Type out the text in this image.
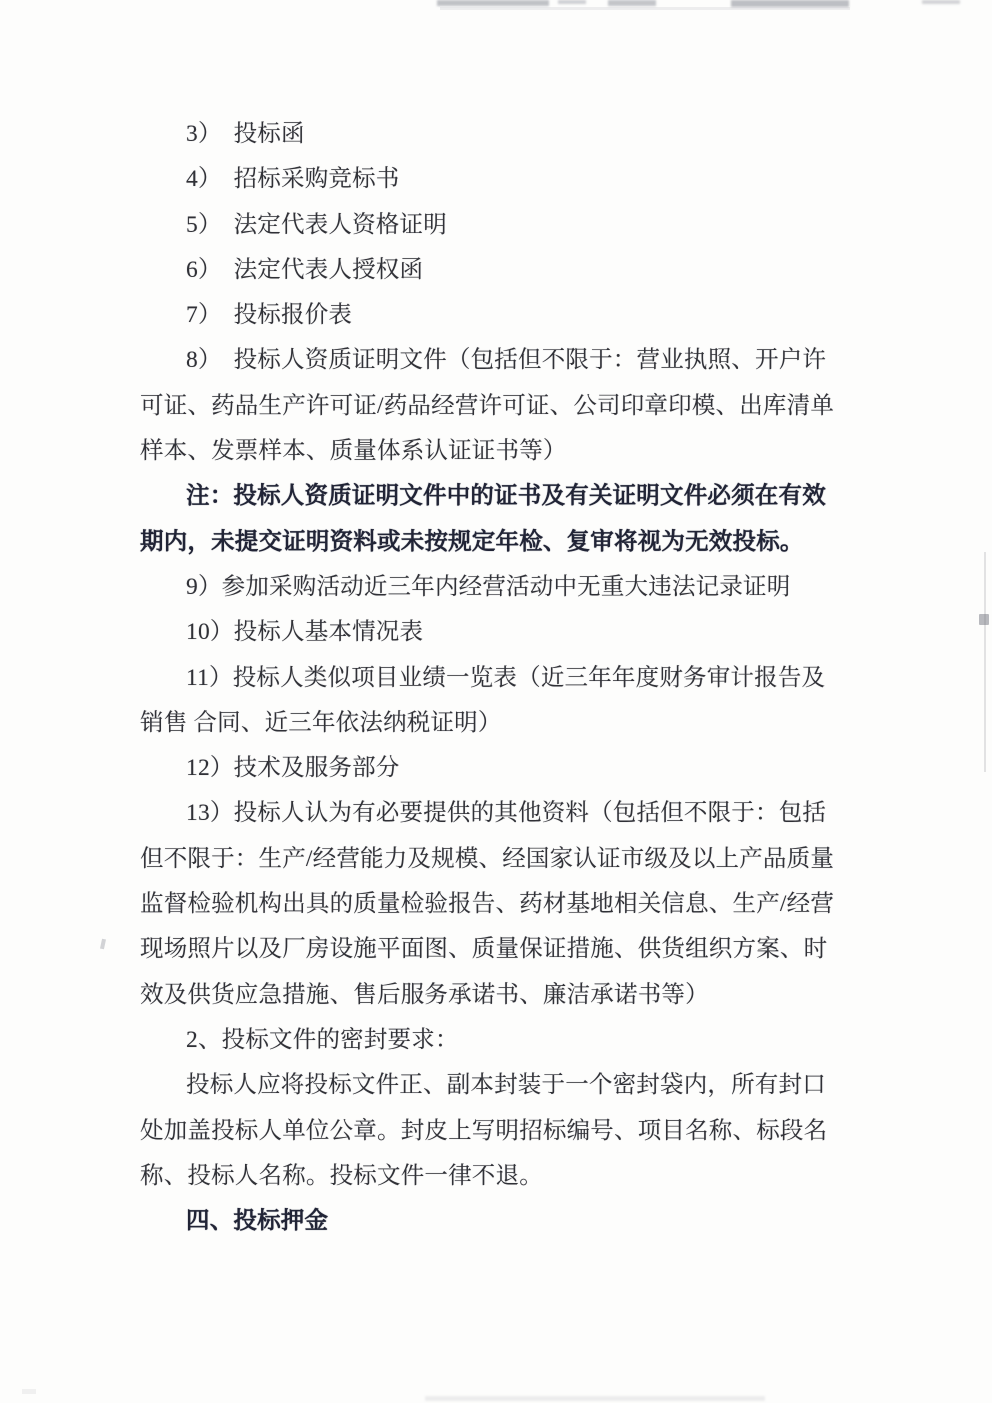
3）　投标函
4）　招标采购竞标书
5）　法定代表人资格证明
6）　法定代表人授权函
7）　投标报价表
8）　投标人资质证明文件（包括但不限于：营业执照、开户许
可证、药品生产许可证/药品经营许可证、公司印章印模、出库清单
样本、发票样本、质量体系认证证书等）
注：投标人资质证明文件中的证书及有关证明文件必须在有效
期内，未提交证明资料或未按规定年检、复审将视为无效投标。
9）参加采购活动近三年内经营活动中无重大违法记录证明
10）投标人基本情况表
11）投标人类似项目业绩一览表（近三年年度财务审计报告及
销售 合同、近三年依法纳税证明）
12）技术及服务部分
13）投标人认为有必要提供的其他资料（包括但不限于：包括
但不限于：生产/经营能力及规模、经国家认证市级及以上产品质量
监督检验机构出具的质量检验报告、药材基地相关信息、生产/经营
现场照片以及厂房设施平面图、质量保证措施、供货组织方案、时
效及供货应急措施、售后服务承诺书、廉洁承诺书等）
2、投标文件的密封要求：
投标人应将投标文件正、副本封装于一个密封袋内，所有封口
处加盖投标人单位公章。封皮上写明招标编号、项目名称、标段名
称、投标人名称。投标文件一律不退。
四、投标押金
